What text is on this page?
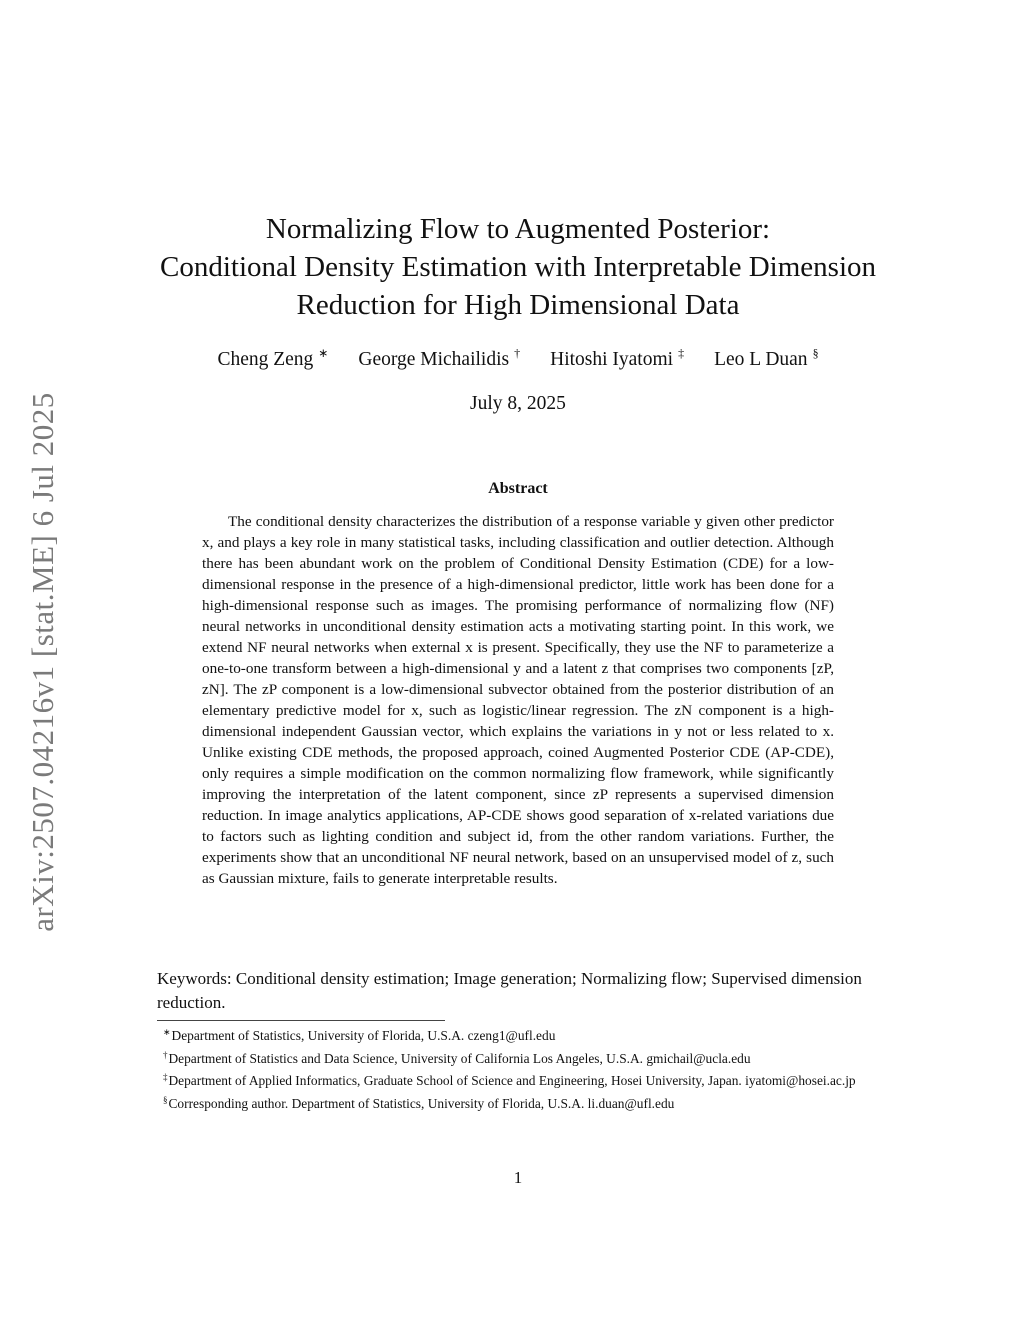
arXiv:2507.04216v1 [stat.ME] 6 Jul 2025
Normalizing Flow to Augmented Posterior:
Conditional Density Estimation with Interpretable Dimension
Reduction for High Dimensional Data
Cheng Zeng ∗ George Michailidis † Hitoshi Iyatomi ‡ Leo L Duan §
July 8, 2025
Abstract

The conditional density characterizes the distribution of a response variable y given other predictor x, and plays a key role in many statistical tasks, including classification and outlier detection. Although there has been abundant work on the problem of Conditional Density Estimation (CDE) for a low-dimensional response in the presence of a high-dimensional predictor, little work has been done for a high-dimensional response such as images. The promising performance of normalizing flow (NF) neural networks in unconditional density estimation acts a motivating starting point. In this work, we extend NF neural networks when external x is present. Specifically, they use the NF to parameterize a one-to-one transform between a high-dimensional y and a latent z that comprises two components [zP, zN]. The zP component is a low-dimensional subvector obtained from the posterior distribution of an elementary predictive model for x, such as logistic/linear regression. The zN component is a high-dimensional independent Gaussian vector, which explains the variations in y not or less related to x. Unlike existing CDE methods, the proposed approach, coined Augmented Posterior CDE (AP-CDE), only requires a simple modification on the common normalizing flow framework, while significantly improving the interpretation of the latent component, since zP represents a supervised dimension reduction. In image analytics applications, AP-CDE shows good separation of x-related variations due to factors such as lighting condition and subject id, from the other random variations. Further, the experiments show that an unconditional NF neural network, based on an unsupervised model of z, such as Gaussian mixture, fails to generate interpretable results.

Keywords: Conditional density estimation; Image generation; Normalizing flow; Supervised dimension reduction.

∗Department of Statistics, University of Florida, U.S.A. czeng1@ufl.edu

†Department of Statistics and Data Science, University of California Los Angeles, U.S.A. gmichail@ucla.edu

‡Department of Applied Informatics, Graduate School of Science and Engineering, Hosei University, Japan. iyatomi@hosei.ac.jp

§Corresponding author. Department of Statistics, University of Florida, U.S.A. li.duan@ufl.edu

1
